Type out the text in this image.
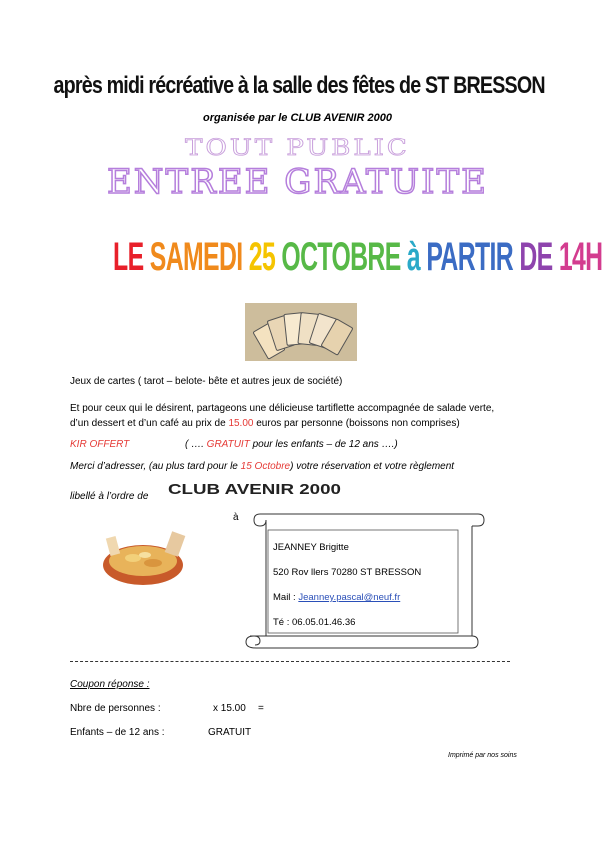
après midi récréative à la salle des fêtes de ST BRESSON
organisée par le CLUB AVENIR 2000
TOUT PUBLIC
ENTREE GRATUITE
LE SAMEDI 25 OCTOBRE à PARTIR DE 14H
Jeux de cartes ( tarot – belote- bête et autres jeux de société)
Et pour ceux qui le désirent, partageons une délicieuse tartiflette accompagnée de salade verte,
d’un dessert et d’un café au prix de 15.00 euros par personne (boissons non comprises)
KIR OFFERT	( …. GRATUIT pour les enfants – de 12 ans ….)
Merci d’adresser, (au plus tard pour le 15 Octobre) votre réservation et votre règlement
libellé à l’ordre de CLUB AVENIR 2000
à
JEANNEY Brigitte
520 Rov llers 70280 ST BRESSON
Mail : Jeanney.pascal@neuf.fr
Té : 06.05.01.46.36
Coupon réponse :
Nbre de personnes :	x 15.00 =
Enfants – de 12 ans :	GRATUIT
Imprimé par nos soins
